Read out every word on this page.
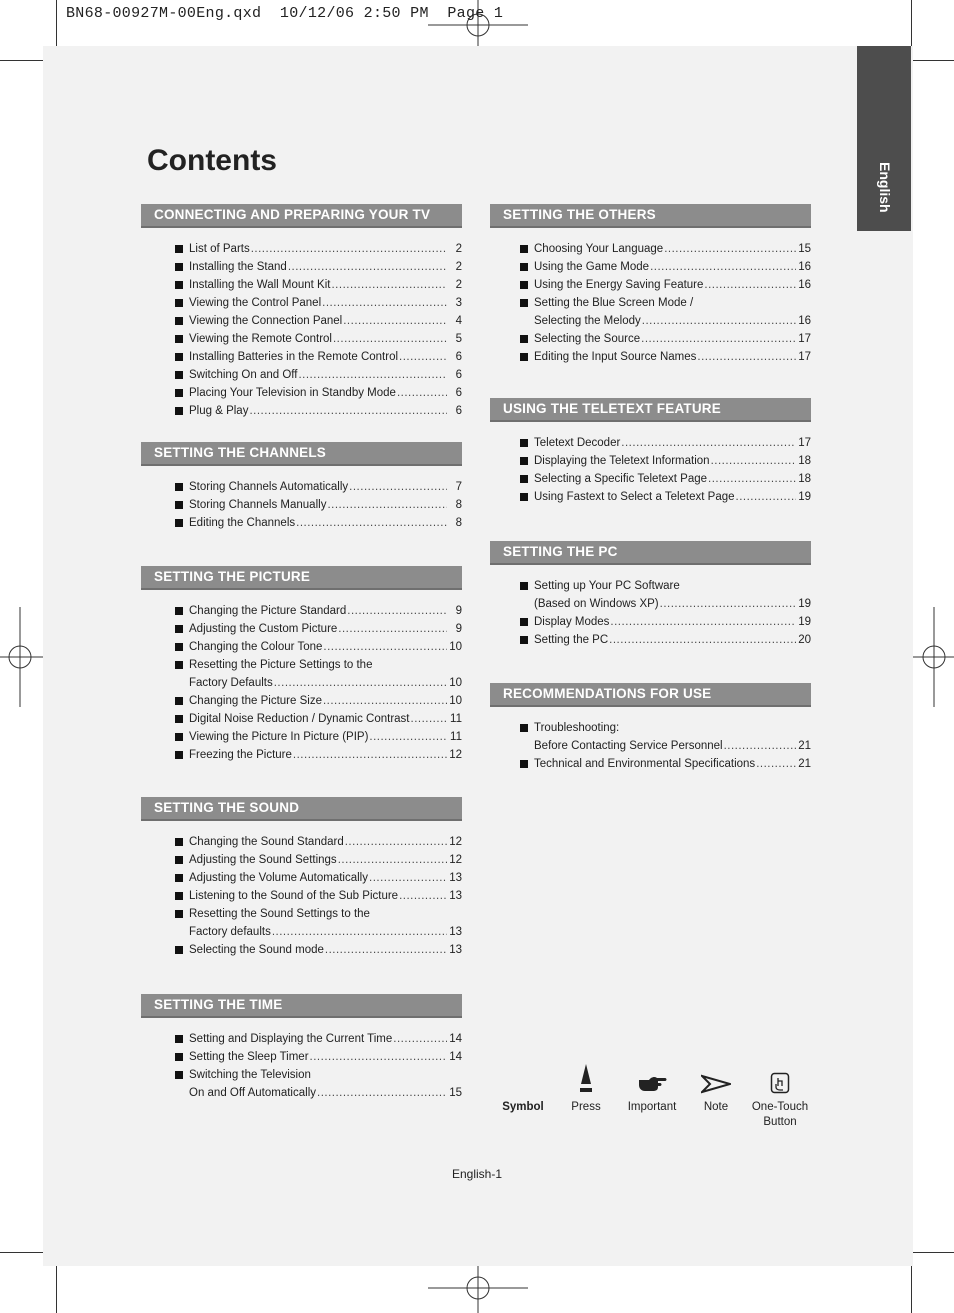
BN68-00927M-00Eng.qxd  10/12/06 2:50 PM  Page 1
English
Contents
CONNECTING AND PREPARING YOUR TV
List of Parts .....	2
Installing the Stand .....	2
Installing the Wall Mount Kit .....	2
Viewing the Control Panel .....	3
Viewing the Connection Panel .....	4
Viewing the Remote Control .....	5
Installing Batteries in the Remote Control .....	6
Switching On and Off .....	6
Placing Your Television in Standby Mode .....	6
Plug & Play .....	6
SETTING THE CHANNELS
Storing Channels Automatically .....	7
Storing Channels Manually .....	8
Editing the Channels .....	8
SETTING THE PICTURE
Changing the Picture Standard .....	9
Adjusting the Custom Picture .....	9
Changing the Colour Tone .....	10
Resetting the Picture Settings to the
Factory Defaults .....	10
Changing the Picture Size .....	10
Digital Noise Reduction / Dynamic Contrast .....	11
Viewing the Picture In Picture (PIP) .....	11
Freezing the Picture .....	12
SETTING THE SOUND
Changing the Sound Standard .....	12
Adjusting the Sound Settings .....	12
Adjusting the Volume Automatically .....	13
Listening to the Sound of the Sub Picture .....	13
Resetting the Sound Settings to the
Factory defaults .....	13
Selecting the Sound mode .....	13
SETTING THE TIME
Setting and Displaying the Current Time .....	14
Setting the Sleep Timer .....	14
Switching the Television
On and Off Automatically .....	15
SETTING THE OTHERS
Choosing Your Language .....	15
Using the Game Mode .....	16
Using the Energy Saving Feature .....	16
Setting the Blue Screen Mode /
Selecting the Melody .....	16
Selecting the Source .....	17
Editing the Input Source Names .....	17
USING THE TELETEXT FEATURE
Teletext Decoder .....	17
Displaying the Teletext Information .....	18
Selecting a Specific Teletext Page .....	18
Using Fastext to Select a Teletext Page .....	19
SETTING THE PC
Setting up Your PC Software
(Based on Windows XP) .....	19
Display Modes .....	19
Setting the PC .....	20
RECOMMENDATIONS FOR USE
Troubleshooting:
Before Contacting Service Personnel .....	21
Technical and Environmental Specifications .....	21
Symbol	Press	Important	Note	One-Touch
Button
English-1
